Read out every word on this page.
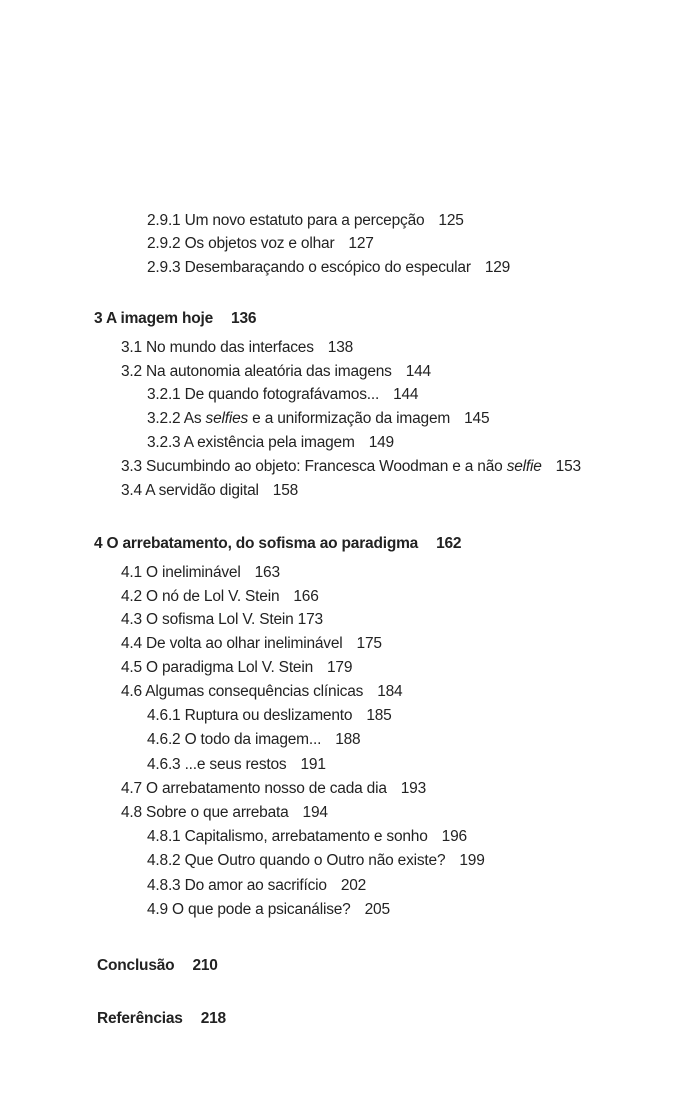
2.9.1 Um novo estatuto para a percepção 125
2.9.2 Os objetos voz e olhar 127
2.9.3 Desembaraçando o escópico do especular 129
3 A imagem hoje 136
3.1 No mundo das interfaces 138
3.2 Na autonomia aleatória das imagens 144
3.2.1 De quando fotografávamos... 144
3.2.2 As selfies e a uniformização da imagem 145
3.2.3 A existência pela imagem 149
3.3 Sucumbindo ao objeto: Francesca Woodman e a não selfie 153
3.4 A servidão digital 158
4 O arrebatamento, do sofisma ao paradigma 162
4.1 O ineliminável 163
4.2 O nó de Lol V. Stein 166
4.3 O sofisma Lol V. Stein 173
4.4 De volta ao olhar ineliminável 175
4.5 O paradigma Lol V. Stein 179
4.6 Algumas consequências clínicas 184
4.6.1 Ruptura ou deslizamento 185
4.6.2 O todo da imagem... 188
4.6.3 ...e seus restos 191
4.7 O arrebatamento nosso de cada dia 193
4.8 Sobre o que arrebata 194
4.8.1 Capitalismo, arrebatamento e sonho 196
4.8.2 Que Outro quando o Outro não existe? 199
4.8.3 Do amor ao sacrifício 202
4.9 O que pode a psicanálise? 205
Conclusão 210
Referências 218
